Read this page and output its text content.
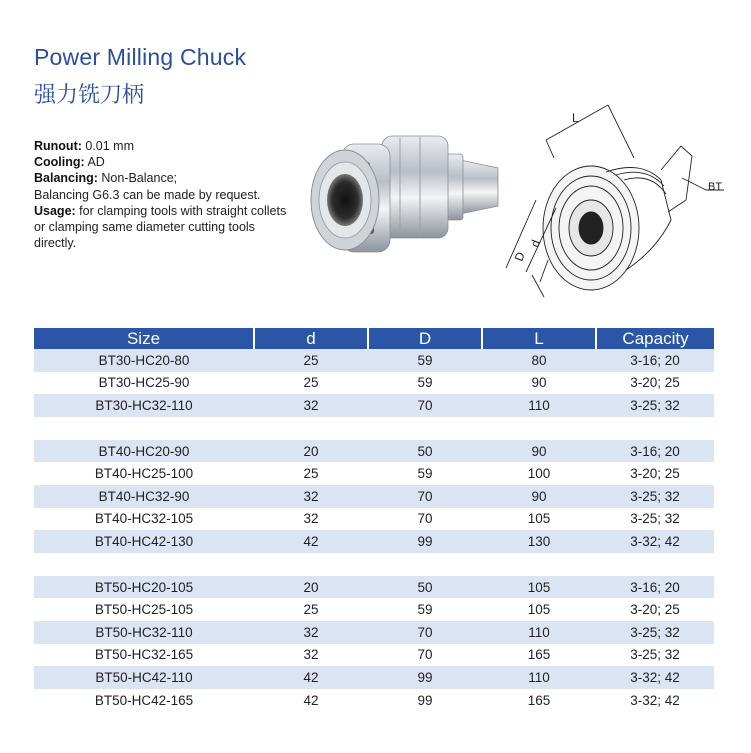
Power Milling Chuck
强力铣刀柄
Runout: 0.01 mm
Cooling: AD
Balancing: Non-Balance;
Balancing G6.3 can be made by request.
Usage: for clamping tools with straight collets or clamping same diameter cutting tools directly.
L
d
D
BT
Size	d	D	L	Capacity
BT30-HC20-80	25	59	80	3-16; 20
BT30-HC25-90	25	59	90	3-20; 25
BT30-HC32-110	32	70	110	3-25; 32

BT40-HC20-90	20	50	90	3-16; 20
BT40-HC25-100	25	59	100	3-20; 25
BT40-HC32-90	32	70	90	3-25; 32
BT40-HC32-105	32	70	105	3-25; 32
BT40-HC42-130	42	99	130	3-32; 42

BT50-HC20-105	20	50	105	3-16; 20
BT50-HC25-105	25	59	105	3-20; 25
BT50-HC32-110	32	70	110	3-25; 32
BT50-HC32-165	32	70	165	3-25; 32
BT50-HC42-110	42	99	110	3-32; 42
BT50-HC42-165	42	99	165	3-32; 42
